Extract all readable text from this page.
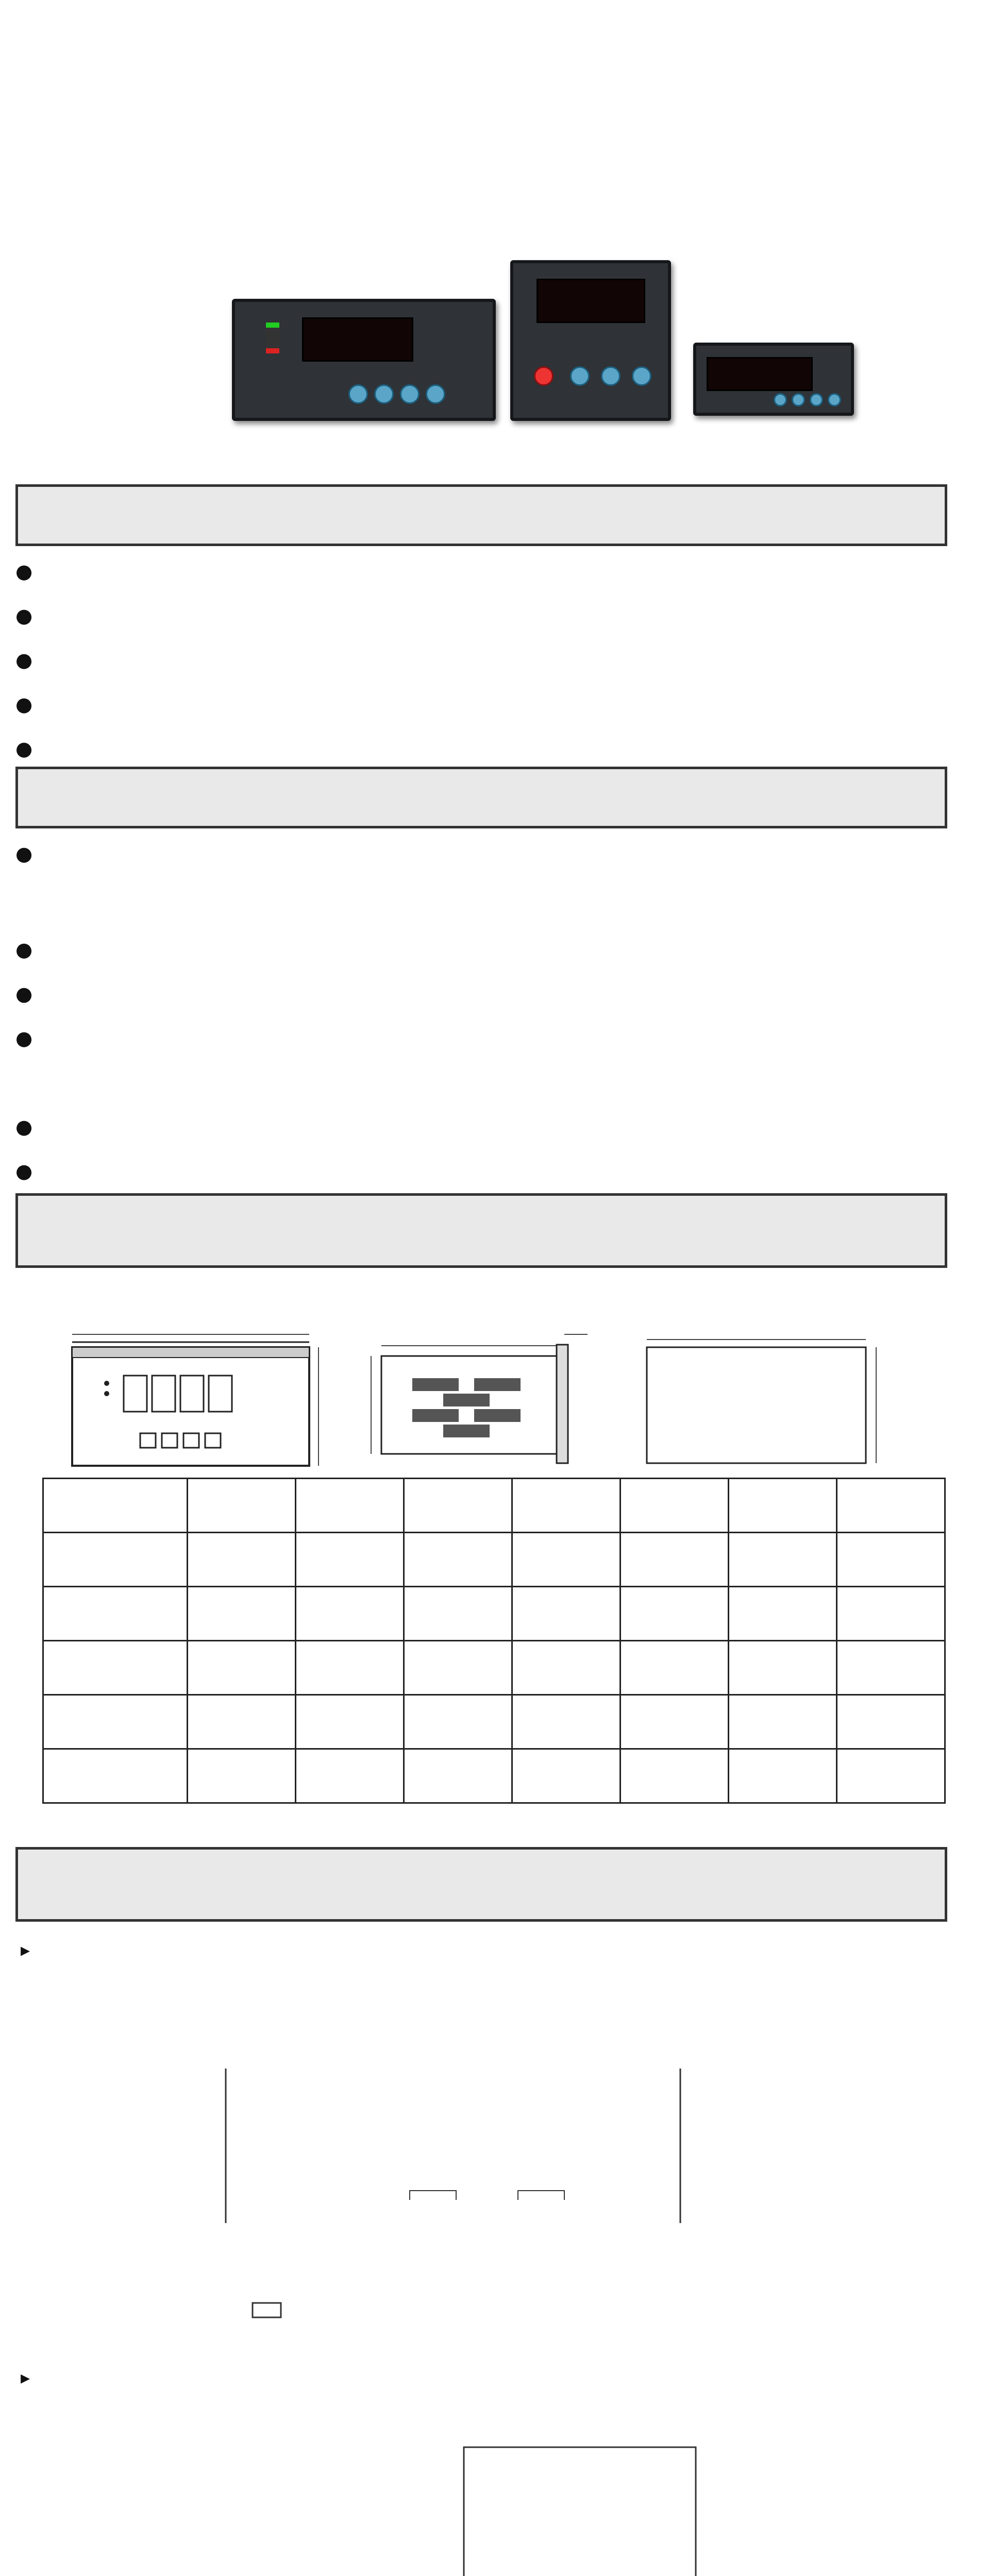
●
●
●
●
●
●
●
●
●
●
●

▸
▸
